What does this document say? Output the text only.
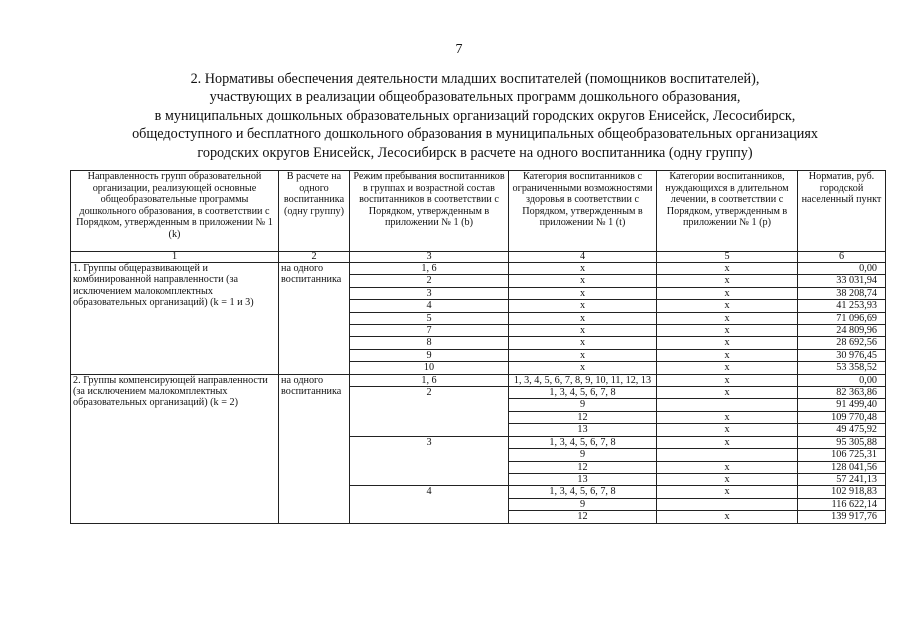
7
2. Нормативы обеспечения деятельности младших воспитателей (помощников воспитателей),
участвующих в реализации общеобразовательных программ дошкольного образования,
в муниципальных дошкольных образовательных организаций городских округов Енисейск, Лесосибирск,
общедоступного и бесплатного дошкольного образования в муниципальных общеобразовательных организациях
городских округов Енисейск, Лесосибирск в расчете на одного воспитанника (одну группу)
Направленность групп образовательной организации, реализующей основные общеобразовательные программы дошкольного образования, в соответствии с Порядком, утвержденным в приложении № 1 (k)	В расчете на одного воспитанника (одну группу)	Режим пребывания воспитанников в группах и возрастной состав воспитанников в соответствии с Порядком, утвержденным в приложении № 1 (b)	Категория воспитанников с ограниченными возможностями здоровья в соответствии с Порядком, утвержденным в приложении № 1 (t)	Категории воспитанников, нуждающихся в длительном лечении, в соответствии с Порядком, утвержденным в приложении № 1 (p)	Норматив, руб. городской населенный пункт
1	2	3	4	5	6
1. Группы общеразвивающей и комбинированной направленности (за исключением малокомплектных образовательных организаций) (k = 1 и 3)	на одного воспитанника	1, 6	х	х	0,00
		2	х	х	33 031,94
		3	х	х	38 208,74
		4	х	х	41 253,93
		5	х	х	71 096,69
		7	х	х	24 809,96
		8	х	х	28 692,56
		9	х	х	30 976,45
		10	х	х	53 358,52
2. Группы компенсирующей направленности (за исключением малокомплектных образовательных организаций) (k = 2)	на одного воспитанника	1, 6	1, 3, 4, 5, 6, 7, 8, 9, 10, 11, 12, 13	х	0,00
		2	1, 3, 4, 5, 6, 7, 8	х	82 363,86
			9		91 499,40
			12	х	109 770,48
			13	х	49 475,92
		3	1, 3, 4, 5, 6, 7, 8	х	95 305,88
			9		106 725,31
			12	х	128 041,56
			13	х	57 241,13
		4	1, 3, 4, 5, 6, 7, 8	х	102 918,83
			9		116 622,14
			12	х	139 917,76
